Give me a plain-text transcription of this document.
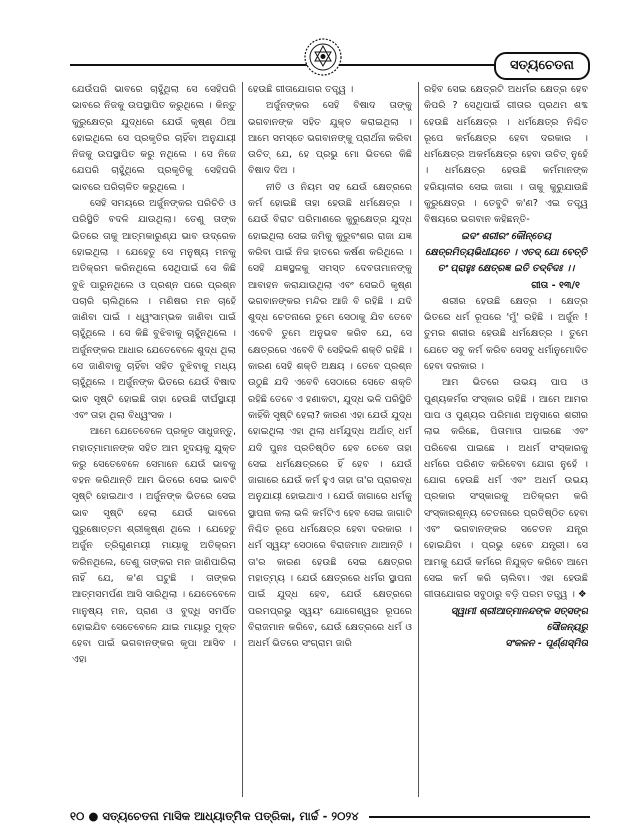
ସତ୍ୟଚେତନା

ଯେଉଁପରି ଭାବରେ ଚାହୁଁଥିଲା ସେ ସେହିପରି ଭାବରେ ନିଜକୁ ଉପସ୍ଥାପିତ କରୁଥିଲେ । କିନ୍ତୁ କୁରୁକ୍ଷେତ୍ର ଯୁଦ୍ଧରେ ଯେଉଁ କୃଷ୍ଣ ଠିଆ ହୋଇଥିଲେ ସେ ପ୍ରକୃତିର ଚାହିଁବା ଅନୁଯାୟୀ ନିଜକୁ ଉପସ୍ଥାପିତ କରୁ ନଥିଲେ । ସେ ନିଜେ ଯେପରି ଚାହୁଁଥିଲେ ପ୍ରକୃତିକୁ ସେହିପରି ଭାବରେ ପରିଚାଳିତ କରୁଥିଲେ ।

ସେହି ସମୟରେ ଅର୍ଜୁନଙ୍କର ପରିଚିତି ଓ ପରିସ୍ଥିତି ବଦଳି ଯାଉଥିଲା। ତେଣୁ ତାଙ୍କ ଭିତରେ ତାକୁ ଆତ୍ମକାରୁଣ୍ଯ ଭାବ ଉଦ୍ରେକ ହୋଇଥିଲା । ଯେହେତୁ ସେ ମନୁଷ୍ୟ ମନକୁ ଅତିକ୍ରମ କରିନଥିଲେ ସେଥିପାଇଁ ସେ କିଛି ବୁଝି ପାରୁନଥିଲେ ଓ ପ୍ରଶ୍ନ ପରେ ପ୍ରଶ୍ନ ପଚାରି ଚାଲିଥିଲେ । ମଣିଷର ମନ ଚାହେଁ ଜାଣିବା ପାଇଁ । ଧ୍ୱଂସାମ୍ଭକ ଜାଣିବା ପାଇଁ ଚାହୁଁଥିଲେ । ସେ କିଛି ବୁଝିବାକୁ ଚାହୁଁନଥିଲେ । ଅର୍ଜୁନଙ୍କର ଆଧାର ଯେତେବେଳେ ଶୁଦ୍ଧ ଥିଲା ସେ ଜାଣିବାକୁ ଚାହିଁବା ସହିତ ବୁଝିବାକୁ ମଧ୍ୟ ଚାହୁଁଥିଲେ । ଅର୍ଜୁନଙ୍କ ଭିତରେ ଯେଉଁ ବିଷାଦ ଭାବ ସୃଷ୍ଟି ହୋଇଛି ତାହା ହେଉଛି ଦୀର୍ଘସ୍ଥାୟୀ ଏବଂ ତାହା ଥିଲା ବିଧ୍ୱଂସକ ।

ଆମେ ଯେତେବେଳେ ପ୍ରକୃତ ସାଧୁଜନ୍ତୁ, ମହାତ୍ମାମାନଙ୍କ ସହିତ ଆମ ହୃଦୟକୁ ଯୁକ୍ତ କରୁ ସେତେବେଳେ ସେମାନେ ଯେଉଁ ଭାବକୁ ବହନ କରିଥାନ୍ତି ଆମ ଭିତରେ ସେଇ ଭାବଟି ସୃଷ୍ଟି ହୋଇଥାଏ । ଅର୍ଜୁନଙ୍କ ଭିତରେ ସେଇ ଭାବ ସୃଷ୍ଟି ହେଲା ଯେଉଁ ଭାବରେ ପୁରୁଷୋତ୍ତମ ଶ୍ରୀକୃଷ୍ଣ ଥିଲେ । ଯେହେତୁ ଅର୍ଜୁନ ତ୍ରିଗୁଣମୟୀ ମାୟାକୁ ଅତିକ୍ରମ କରିନଥିଲେ, ତେଣୁ ତାଙ୍କର ମନ ଜାଣିପାରିଲା ନାହିଁ ଯେ, କ'ଣ ଘଟୁଛି । ତାଙ୍କର ଆତ୍ମସମର୍ପଣ ଆସି ସାରିଥିଲା । ଯେତେବେଳେ ମାନୁଷ୍ୟ ମନ, ପ୍ରାଣ ଓ ବୁଦ୍ଧି ସମର୍ପିତ ହୋଇଯିବ ସେତେବେଳେ ଯାଇ ମାୟାରୁ ମୁକ୍ତ ହେବା ପାଇଁ ଭଗବାନଙ୍କର କୃପା ଆସିବ । ଏହା

ହେଉଛି ଗୀତାଯୋଗର ତତ୍ତ୍ୱ ।

ଅର୍ଜୁନଙ୍କର ସେହି ବିଷାଦ ତାଙ୍କୁ ଭଗବାନଙ୍କ ସହିତ ଯୁକ୍ତ କରାଇଥିଲା । ଆମେ ସମସ୍ତେ ଭଗବାନଙ୍କୁ ପ୍ରାର୍ଥନା କରିବା ଉଚିତ୍ ଯେ, ହେ ପ୍ରଭୁ ମୋ ଭିତରେ କିଛି ବିଷାଦ ଦିଅ ।

ନୀତି ଓ ନିୟମ ସହ ଯେଉଁ କ୍ଷେତ୍ରରେ କର୍ମ ହୋଇଛି ତାହା ହେଉଛି ଧର୍ମକ୍ଷେତ୍ର । ଯେଉଁ ବିରାଟ ପରିମାଣରେ କୁରୁକ୍ଷେତ୍ର ଯୁଦ୍ଧ ହୋଇଥିଲା ସେଇ ଜମିକୁ କୁରୁବଂଶର ରାଜା ଯଜ୍ଞ କରିବା ପାଇଁ ନିଜ ହାତରେ କର୍ଷଣ କରିଥିଲେ । ସେହି ଯଜ୍ଞସ୍ଥଳକୁ ସମସ୍ତ ଦେବତାମାନଙ୍କୁ ଆବାହନ କରାଯାଉଥିଲା ଏବଂ ସେଇଠି କୃଷ୍ଣ ଭଗବାନଙ୍କର ମନ୍ଦିର ଆଜି ବି ରହିଛି । ଯଦି ଶୁଦ୍ଧ ଚେତନାରେ ତୁମେ ସେଠାକୁ ଯିବ ତେବେ ଏବେବି ତୁମେ ଅନୁଭବ କରିବ ଯେ, ସେ କ୍ଷେତ୍ରରେ ଏବେବି ବି ସେହିଭଳି ଶକ୍ତି ରହିଛି । କାରଣ ସେହି ଶକ୍ତି ଅକ୍ଷୟ । ତେବେ ପ୍ରଶ୍ନ ଉଠୁଛି ଯଦି ଏବେବି ସେଠାରେ ସେତେ ଶକ୍ତି ରହିଛି ତେବେ ଏ ହଣାକଟା, ଯୁଦ୍ଧ ଭଳି ପରିସ୍ଥିତି କାହିଁକି ସୃଷ୍ଟି ହେଲା? କାରଣ ଏହା ଯେଉଁ ଯୁଦ୍ଧ ହୋଇଥିଲା ଏହା ଥିଲା ଧର୍ମଯୁଦ୍ଧ ଅର୍ଥାତ୍ ଧର୍ମ ଯଦି ପୁନଃ ପ୍ରତିଷ୍ଠିତ ହେବ ତେବେ ତାହା ସେଇ ଧର୍ମକ୍ଷେତ୍ରରେ ହିଁ ହେବ । ଯେଉଁ ଜାଗାରେ ଯେଉଁ କର୍ମ ହୁଏ ତାହା ତା'ର ପ୍ରାରବ୍ଧ ଅନୁଯାୟୀ ହୋଇଥାଏ । ଯେଉଁ ଜାଗାରେ ଧର୍ମକୁ ସ୍ଥାପନା କଲା ଭଳି କର୍ମଟିଏ ହେବ ସେଇ ଜାଗାଟି ନିଶ୍ଚିତ ରୂପେ ଧର୍ମକ୍ଷେତ୍ର ହେବା ଦରକାର । ଧର୍ମ ସ୍ୱୟଂ ସେଠାରେ ବିରାଜମାନ ଥାଆନ୍ତି । ତା'ର କାରଣ ହେଉଛି ସେଇ କ୍ଷେତ୍ରର ମହାତ୍ମ୍ୟ । ଯେଉଁ କ୍ଷେତ୍ରରେ ଧର୍ମର ସ୍ଥାପନା ପାଇଁ ଯୁଦ୍ଧ ହେବ, ଯେଉଁ କ୍ଷେତ୍ରରେ ପରମପ୍ରଭୁ ସ୍ୱୟଂ ଯୋଗେଶ୍ୱର ରୂପରେ ବିରାଜମାନ କରିବେ, ଯେଉଁ କ୍ଷେତ୍ରରେ ଧର୍ମ ଓ ଅଧର୍ମ ଭିତରେ ସଂଗ୍ରାମ ଜାରି

ରହିବ ସେଇ କ୍ଷେତ୍ରଟି ଅଧର୍ମର କ୍ଷେତ୍ର ହେବ କିପରି ? ସେଥିପାଇଁ ଗୀତାର ପ୍ରଥମ ଶବ୍ଦ ହେଉଛି ଧର୍ମକ୍ଷେତ୍ର । ଧର୍ମକ୍ଷେତ୍ର ନିଶ୍ଚିତ ରୂପେ କର୍ମକ୍ଷେତ୍ର ହେବା ଦରକାର । ଧର୍ମକ୍ଷେତ୍ର ଅକର୍ମକ୍ଷେତ୍ର ହେବା ଉଚିତ୍ ନୁହେଁ । ଧର୍ମକ୍ଷେତ୍ର ହେଉଛି କର୍ମମାନଙ୍କ ହରିୟାଳୀର ସେଇ ଜାଗା । ତାକୁ କୁରୁଯାଉଛି କୁରୁକ୍ଷେତ୍ର । ତେବୁଟି କ'ଣ? ଏଇ ତତ୍ତ୍ୱ ବିଷୟରେ ଭଗବାନ କହିଛନ୍ତି-

ଇଦଂ ଶରୀରଂ କୌନ୍ତେୟ କ୍ଷେତ୍ରମିତ୍ୟଭିଧୀୟତେ । ଏତଦ୍ ଯୋ ବେତ୍ତି ତଂ ପ୍ରାହୁଃ କ୍ଷେତ୍ରଜ୍ଞ ଇତି ତଦ୍‌ବିଦଃ ।।

ଗୀତା - ୧୩/୧

ଶରୀର ହେଉଛି କ୍ଷେତ୍ର । କ୍ଷେତ୍ର ଭିତରେ ଧର୍ମ ରୂପରେ 'ମୁଁ' ରହିଛି । ଅର୍ଜୁନ ! ତୁମର ଶରୀର ହେଉଛି ଧର୍ମକ୍ଷେତ୍ର । ତୁମେ ଯେତେ ସବୁ କର୍ମ କରିବ ସେସବୁ ଧର୍ମାନୁମୋଦିତ ହେବା ଦରକାର ।

ଆମ ଭିତରେ ଉଭୟ ପାପ ଓ ପୁଣ୍ୟକର୍ମର ସଂସ୍କାର ରହିଛି । ଆମେ ଆମର ପାପ ଓ ପୁଣ୍ୟର ପରିମାଣ ଅନୁସାରେ ଶରୀର ଲାଭ କରିଛେ, ପିତାମାତା ପାଇଛେ ଏବଂ ପରିବେଶ ପାଇଛେ । ଅଧର୍ମ ସଂସ୍କାରକୁ ଧର୍ମରେ ପରିଣତ କରିବେବା ଯୋଗ ନୁହେଁ । ଯୋଗ ହେଉଛି ଧର୍ମ ଏବଂ ଅଧର୍ମ ଉଭୟ ପ୍ରକାର ସଂସ୍କାରକୁ ଅତିକ୍ରମ କରି ସଂସ୍କାରଶୂନ୍ୟ ଚେତନାରେ ପ୍ରତିଷ୍ଠିତ ହେବା ଏବଂ ଭଗବାନଙ୍କର ସଚେତନ ଯନ୍ତ୍ର ହୋଇଯିବା । ପ୍ରଭୁ ହେବେ ଯନ୍ତ୍ରୀ। ସେ ଆମକୁ ଯେଉଁ କର୍ମରେ ନିଯୁକ୍ତ କରିବେ ଆମେ ସେଇ କର୍ମ କରି ଚାଲିବା। ଏହା ହେଉଛି ଗୀତାଯୋଗର ସବୁଠାରୁ ବଡ଼ି ପରମ ତତ୍ତ୍ୱ । ❖

ସ୍ୱାମୀ ଶ୍ରୀଆତ୍ମାନନ୍ଦଙ୍କ ସତ୍‌ସଙ୍ଗ ସୌଜନ୍ୟରୁ

ସଂକଳନ - ପୂର୍ଣ୍ଣସ୍ମିତା

୧୦ ● ସତ୍ୟଚେତନା ମାସିକ ଆଧ୍ୟାତ୍ମିକ ପତ୍ରିକା, ମାର୍ଚ୍ଚ - ୨୦୨୪
